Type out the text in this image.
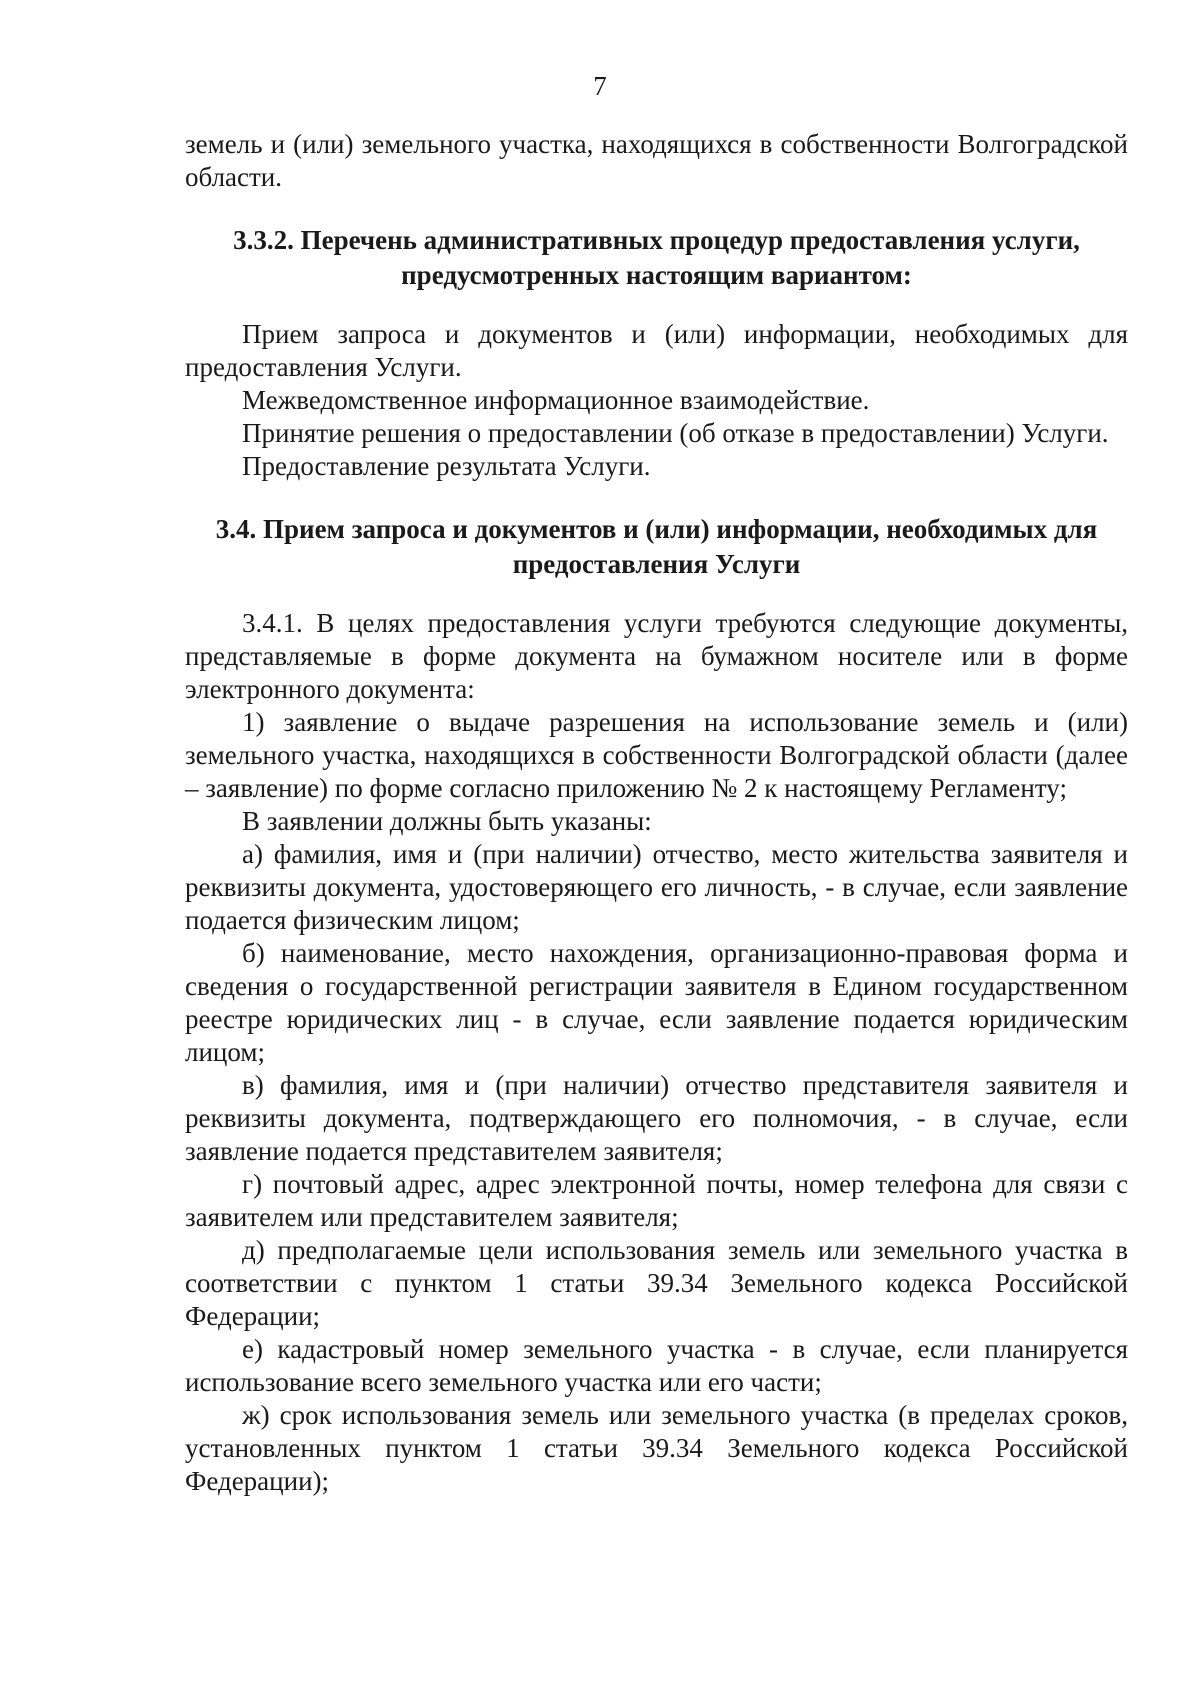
7

земель и (или) земельного участка, находящихся в собственности Волгоградской области.

3.3.2. Перечень административных процедур предоставления услуги, предусмотренных настоящим вариантом:

Прием запроса и документов и (или) информации, необходимых для предоставления Услуги.

Межведомственное информационное взаимодействие.

Принятие решения о предоставлении (об отказе в предоставлении) Услуги.

Предоставление результата Услуги.

3.4. Прием запроса и документов и (или) информации, необходимых для предоставления Услуги

3.4.1. В целях предоставления услуги требуются следующие документы, представляемые в форме документа на бумажном носителе или в форме электронного документа:

1) заявление о выдаче разрешения на использование земель и (или) земельного участка, находящихся в собственности Волгоградской области (далее – заявление) по форме согласно приложению № 2 к настоящему Регламенту;

В заявлении должны быть указаны:

а) фамилия, имя и (при наличии) отчество, место жительства заявителя и реквизиты документа, удостоверяющего его личность, - в случае, если заявление подается физическим лицом;

б) наименование, место нахождения, организационно-правовая форма и сведения о государственной регистрации заявителя в Едином государственном реестре юридических лиц - в случае, если заявление подается юридическим лицом;

в) фамилия, имя и (при наличии) отчество представителя заявителя и реквизиты документа, подтверждающего его полномочия, - в случае, если заявление подается представителем заявителя;

г) почтовый адрес, адрес электронной почты, номер телефона для связи с заявителем или представителем заявителя;

д) предполагаемые цели использования земель или земельного участка в соответствии с пунктом 1 статьи 39.34 Земельного кодекса Российской Федерации;

е) кадастровый номер земельного участка - в случае, если планируется использование всего земельного участка или его части;

ж) срок использования земель или земельного участка (в пределах сроков, установленных пунктом 1 статьи 39.34 Земельного кодекса Российской Федерации);
